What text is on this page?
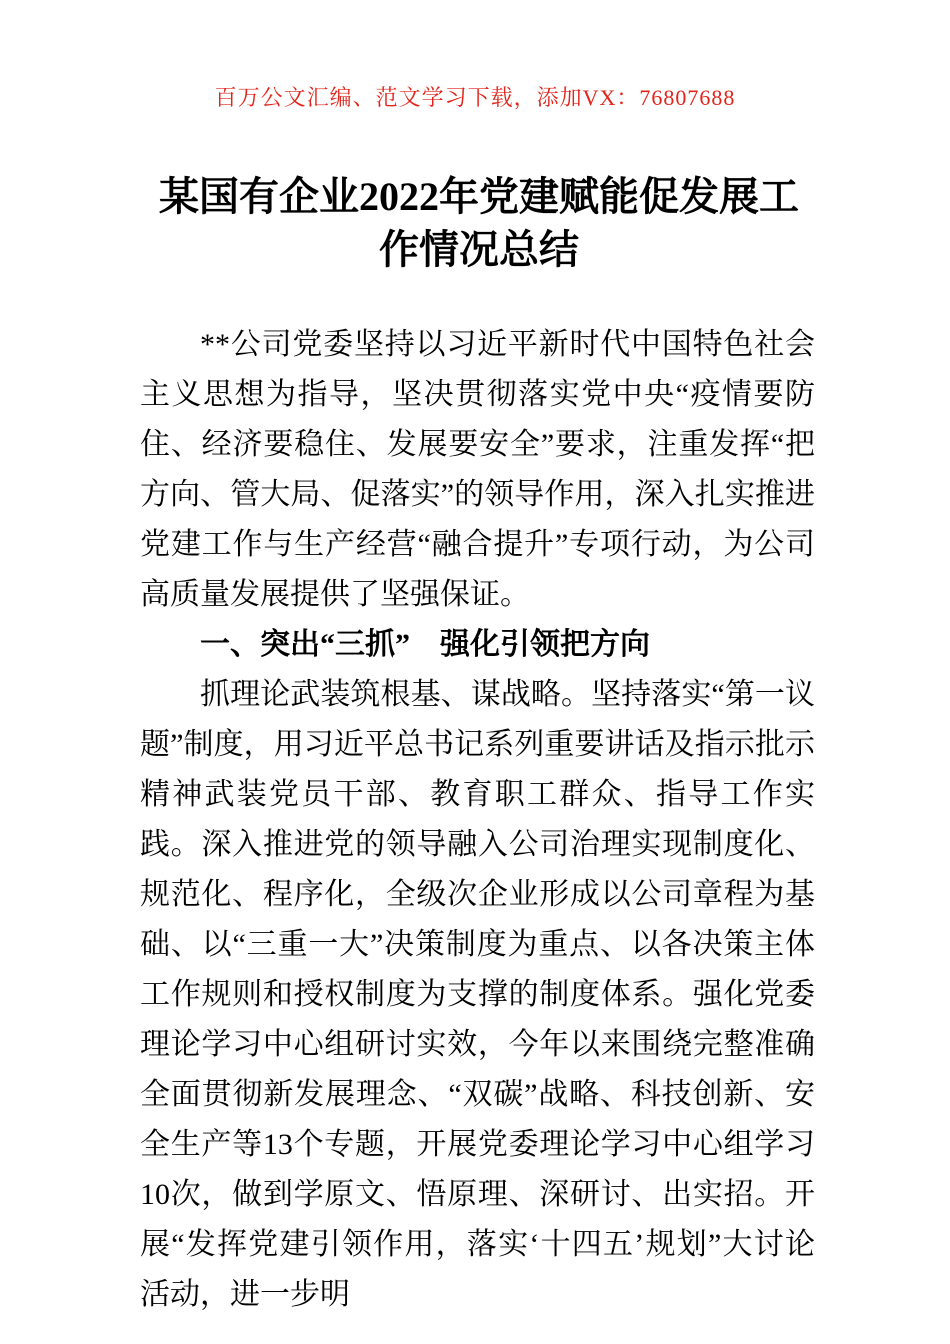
百万公文汇编、范文学习下载，添加VX：76807688
某国有企业2022年党建赋能促发展工作情况总结

**公司党委坚持以习近平新时代中国特色社会主义思想为指导，坚决贯彻落实党中央“疫情要防住、经济要稳住、发展要安全”要求，注重发挥“把方向、管大局、促落实”的领导作用，深入扎实推进党建工作与生产经营“融合提升”专项行动，为公司高质量发展提供了坚强保证。

一、突出“三抓”　强化引领把方向

抓理论武装筑根基、谋战略。坚持落实“第一议题”制度，用习近平总书记系列重要讲话及指示批示精神武装党员干部、教育职工群众、指导工作实践。深入推进党的领导融入公司治理实现制度化、规范化、程序化，全级次企业形成以公司章程为基础、以“三重一大”决策制度为重点、以各决策主体工作规则和授权制度为支撑的制度体系。强化党委理论学习中心组研讨实效，今年以来围绕完整准确全面贯彻新发展理念、“双碳”战略、科技创新、安全生产等13个专题，开展党委理论学习中心组学习10次，做到学原文、悟原理、深研讨、出实招。开展“发挥党建引领作用，落实‘十四五’规划”大讨论活动，进一步明
